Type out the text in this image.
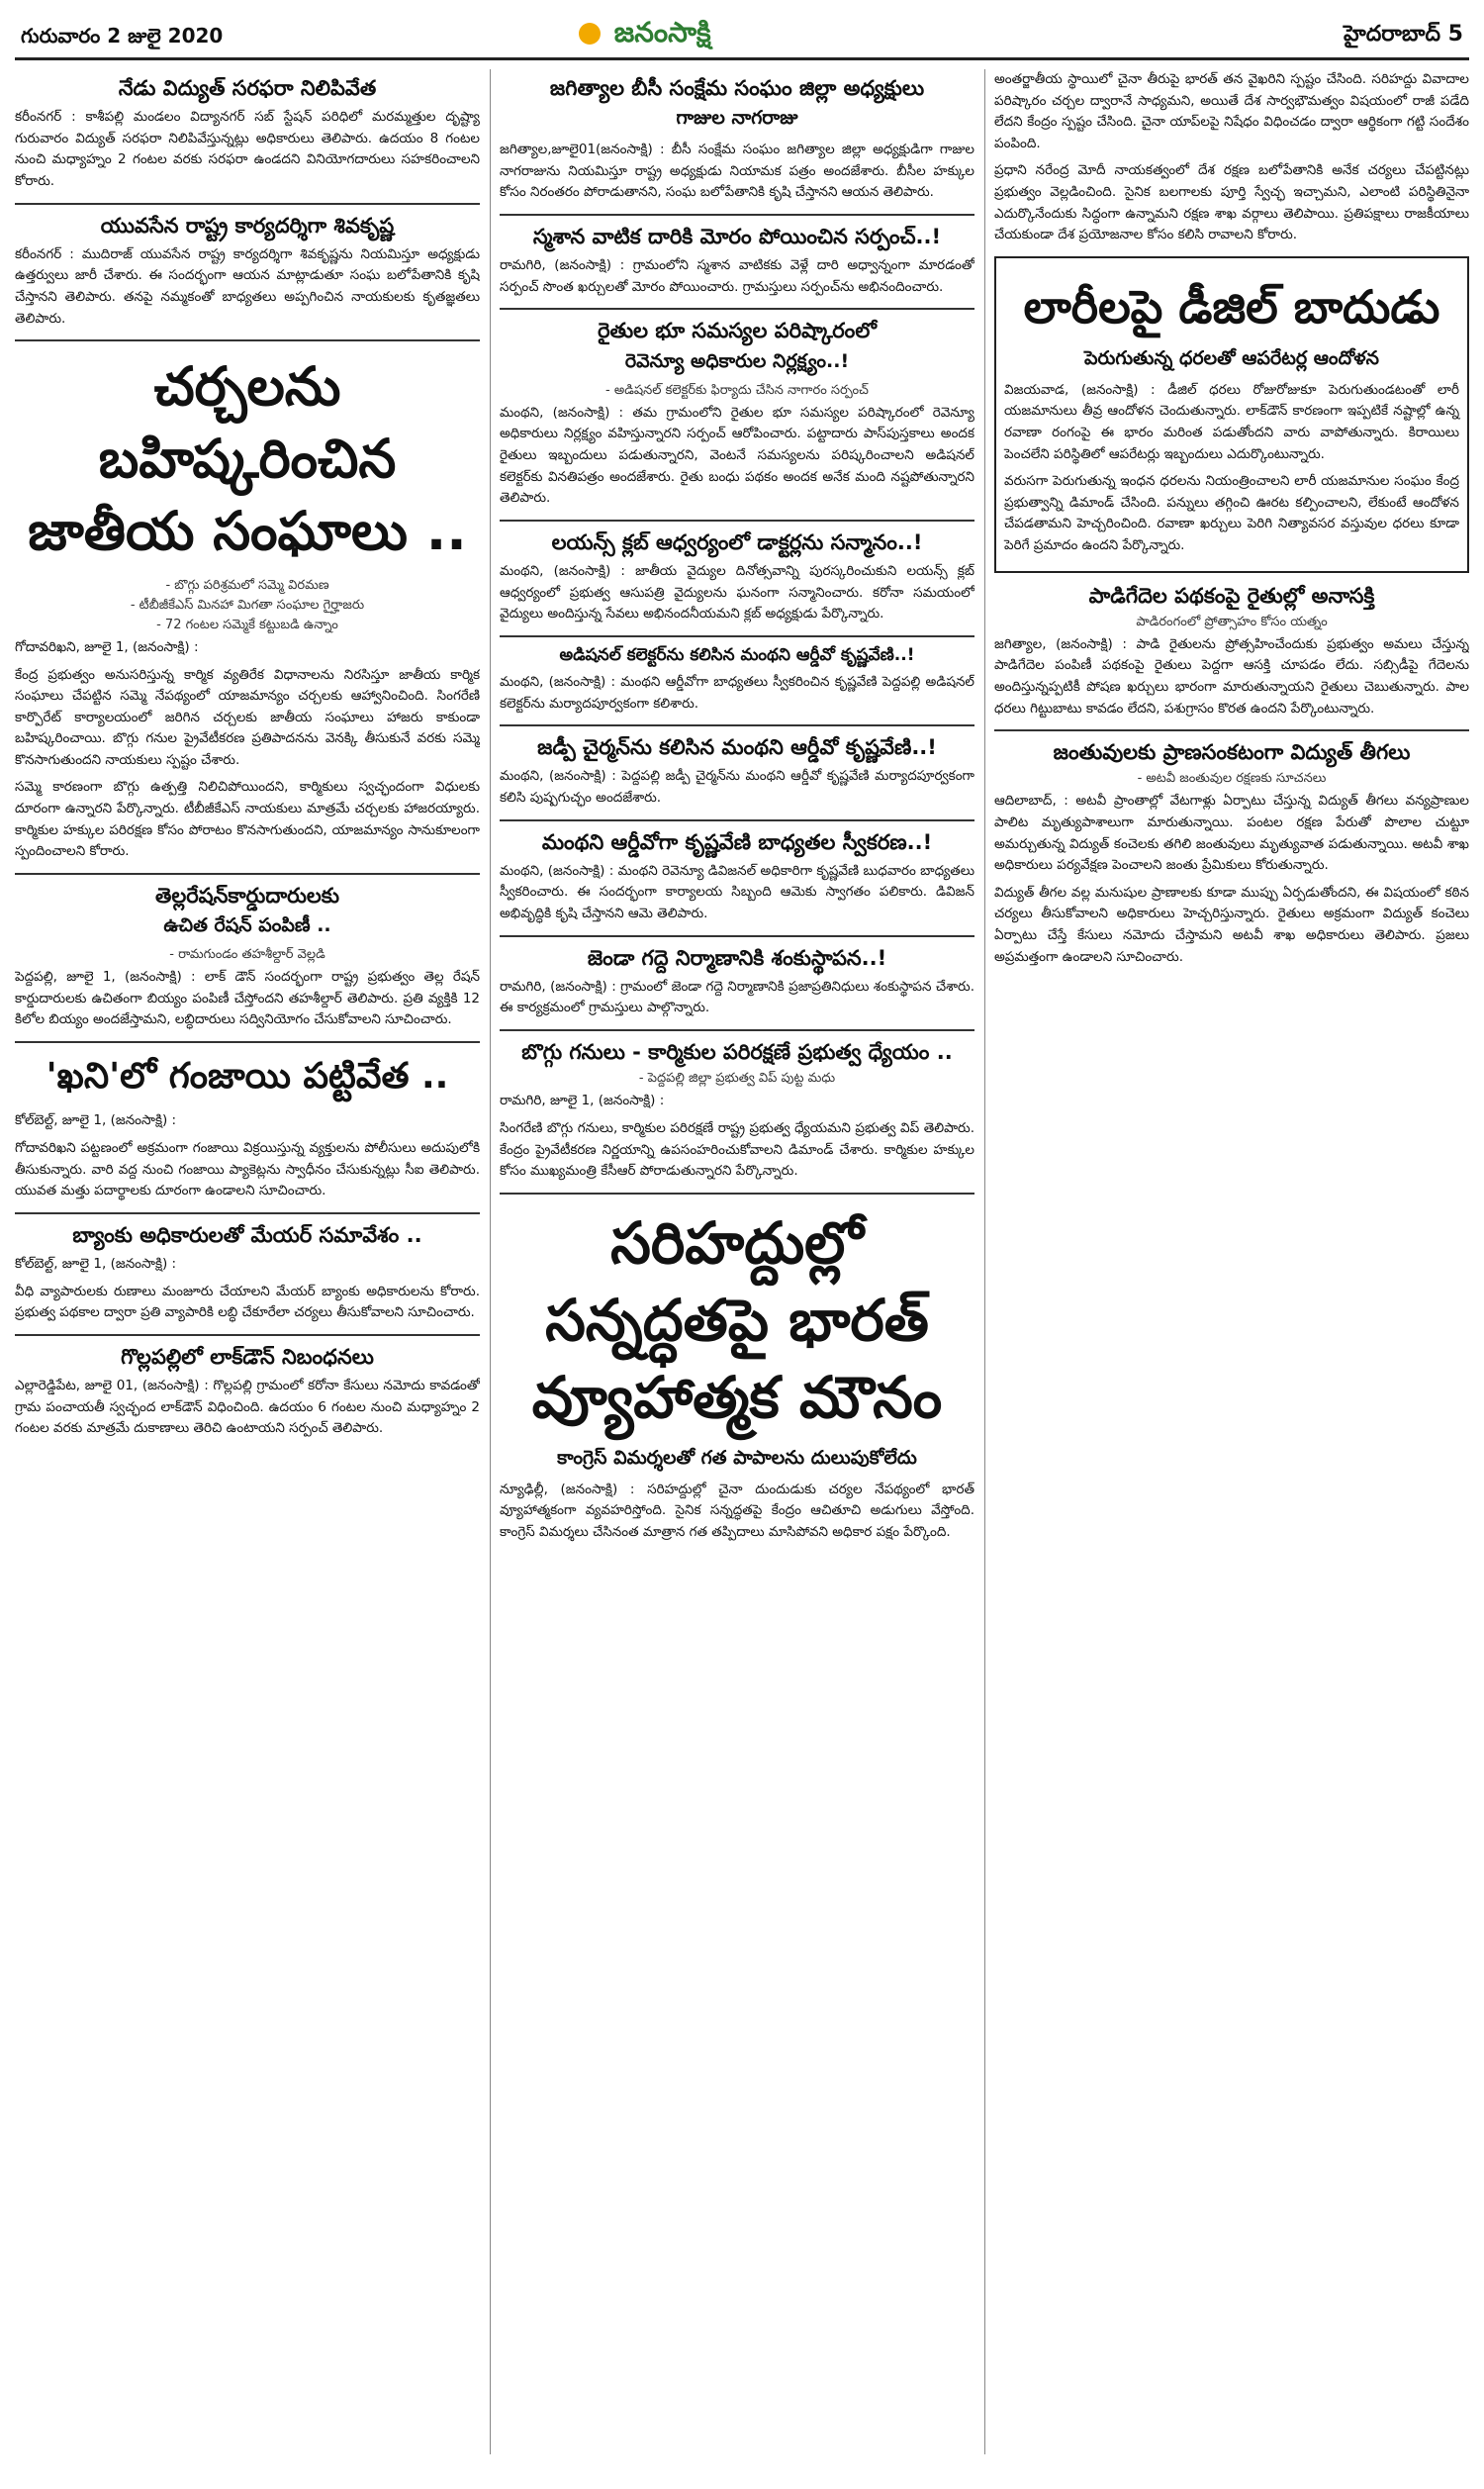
గురువారం 2 జులై 2020	జనంసాక్షి	హైదరాబాద్ 5
నేడు విద్యుత్ సరఫరా నిలిపివేత

కరీంనగర్ : కాశీపల్లి మండలం విద్యానగర్ సబ్‌ స్టేషన్ పరిధిలో మరమ్మత్తుల దృష్ట్యా గురువారం విద్యుత్ సరఫరా నిలిపివేస్తున్నట్లు అధికారులు తెలిపారు. ఉదయం 8 గంటల నుంచి మధ్యాహ్నం 2 గంటల వరకు సరఫరా ఉండదని వినియోగదారులు సహకరించాలని కోరారు.

యువసేన రాష్ట్ర కార్యదర్శిగా శివకృష్ణ

కరీంనగర్ : ముదిరాజ్ యువసేన రాష్ట్ర కార్యదర్శిగా శివకృష్ణను నియమిస్తూ అధ్యక్షుడు ఉత్తర్వులు జారీ చేశారు. ఈ సందర్భంగా ఆయన మాట్లాడుతూ సంఘ బలోపేతానికి కృషి చేస్తానని తెలిపారు. తనపై నమ్మకంతో బాధ్యతలు అప్పగించిన నాయకులకు కృతజ్ఞతలు తెలిపారు.

చర్చలను బహిష్కరించిన జాతీయ సంఘాలు ..
- బొగ్గు పరిశ్రమలో సమ్మె విరమణ
- టీబీజీకేఎస్ మినహా మిగతా సంఘాల గైర్హాజరు
- 72 గంటల సమ్మెకే కట్టుబడి ఉన్నాం

గోదావరిఖని, జూలై 1, (జనంసాక్షి) :

కేంద్ర ప్రభుత్వం అనుసరిస్తున్న కార్మిక వ్యతిరేక విధానాలను నిరసిస్తూ జాతీయ కార్మిక సంఘాలు చేపట్టిన సమ్మె నేపథ్యంలో యాజమాన్యం చర్చలకు ఆహ్వానించింది. సింగరేణి కార్పొరేట్ కార్యాలయంలో జరిగిన చర్చలకు జాతీయ సంఘాలు హాజరు కాకుండా బహిష్కరించాయి. బొగ్గు గనుల ప్రైవేటీకరణ ప్రతిపాదనను వెనక్కి తీసుకునే వరకు సమ్మె కొనసాగుతుందని నాయకులు స్పష్టం చేశారు.

సమ్మె కారణంగా బొగ్గు ఉత్పత్తి నిలిచిపోయిందని, కార్మికులు స్వచ్ఛందంగా విధులకు దూరంగా ఉన్నారని పేర్కొన్నారు. టీబీజీకేఎస్ నాయకులు మాత్రమే చర్చలకు హాజరయ్యారు. కార్మికుల హక్కుల పరిరక్షణ కోసం పోరాటం కొనసాగుతుందని, యాజమాన్యం సానుకూలంగా స్పందించాలని కోరారు.

తెల్లరేషన్‌కార్డుదారులకు
ఉచిత రేషన్ పంపిణీ ..
- రామగుండం తహశీల్దార్ వెల్లడి

పెద్దపల్లి, జూలై 1, (జనంసాక్షి) : లాక్ డౌన్ సందర్భంగా రాష్ట్ర ప్రభుత్వం తెల్ల రేషన్ కార్డుదారులకు ఉచితంగా బియ్యం పంపిణీ చేస్తోందని తహశీల్దార్ తెలిపారు. ప్రతి వ్యక్తికి 12 కిలోల బియ్యం అందజేస్తామని, లబ్ధిదారులు సద్వినియోగం చేసుకోవాలని సూచించారు.

'ఖని'లో గంజాయి పట్టివేత ..

కోల్‌బెల్ట్, జూలై 1, (జనంసాక్షి) :

గోదావరిఖని పట్టణంలో అక్రమంగా గంజాయి విక్రయిస్తున్న వ్యక్తులను పోలీసులు అదుపులోకి తీసుకున్నారు. వారి వద్ద నుంచి గంజాయి ప్యాకెట్లను స్వాధీనం చేసుకున్నట్లు సీఐ తెలిపారు. యువత మత్తు పదార్థాలకు దూరంగా ఉండాలని సూచించారు.

బ్యాంకు అధికారులతో మేయర్ సమావేశం ..

కోల్‌బెల్ట్, జూలై 1, (జనంసాక్షి) :

వీధి వ్యాపారులకు రుణాలు మంజూరు చేయాలని మేయర్ బ్యాంకు అధికారులను కోరారు. ప్రభుత్వ పథకాల ద్వారా ప్రతి వ్యాపారికి లబ్ధి చేకూరేలా చర్యలు తీసుకోవాలని సూచించారు.

గొల్లపల్లిలో లాక్‌డౌన్ నిబంధనలు

ఎల్లారెడ్డిపేట, జూలై 01, (జనంసాక్షి) : గొల్లపల్లి గ్రామంలో కరోనా కేసులు నమోదు కావడంతో గ్రామ పంచాయతీ స్వచ్ఛంద లాక్‌డౌన్ విధించింది. ఉదయం 6 గంటల నుంచి మధ్యాహ్నం 2 గంటల వరకు మాత్రమే దుకాణాలు తెరిచి ఉంటాయని సర్పంచ్ తెలిపారు.

జగిత్యాల బీసీ సంక్షేమ సంఘం జిల్లా అధ్యక్షులు
గాజుల నాగరాజు

జగిత్యాల,జూలై01(జనంసాక్షి) : బీసీ సంక్షేమ సంఘం జగిత్యాల జిల్లా అధ్యక్షుడిగా గాజుల నాగరాజును నియమిస్తూ రాష్ట్ర అధ్యక్షుడు నియామక పత్రం అందజేశారు. బీసీల హక్కుల కోసం నిరంతరం పోరాడుతానని, సంఘ బలోపేతానికి కృషి చేస్తానని ఆయన తెలిపారు.

స్మశాన వాటిక దారికి మోరం పోయించిన సర్పంచ్..!

రామగిరి, (జనంసాక్షి) : గ్రామంలోని స్మశాన వాటికకు వెళ్లే దారి అధ్వాన్నంగా మారడంతో సర్పంచ్ సొంత ఖర్చులతో మోరం పోయించారు. గ్రామస్తులు సర్పంచ్‌ను అభినందించారు.

రైతుల భూ సమస్యల పరిష్కారంలో
రెవెన్యూ అధికారుల నిర్లక్ష్యం..!
- అడిషనల్ కలెక్టర్‌కు ఫిర్యాదు చేసిన నాగారం సర్పంచ్

మంథని, (జనంసాక్షి) : తమ గ్రామంలోని రైతుల భూ సమస్యల పరిష్కారంలో రెవెన్యూ అధికారులు నిర్లక్ష్యం వహిస్తున్నారని సర్పంచ్ ఆరోపించారు. పట్టాదారు పాస్‌పుస్తకాలు అందక రైతులు ఇబ్బందులు పడుతున్నారని, వెంటనే సమస్యలను పరిష్కరించాలని అడిషనల్ కలెక్టర్‌కు వినతిపత్రం అందజేశారు. రైతు బంధు పథకం అందక అనేక మంది నష్టపోతున్నారని తెలిపారు.

లయన్స్ క్లబ్ ఆధ్వర్యంలో డాక్టర్లను సన్మానం..!

మంథని, (జనంసాక్షి) : జాతీయ వైద్యుల దినోత్సవాన్ని పురస్కరించుకుని లయన్స్ క్లబ్ ఆధ్వర్యంలో ప్రభుత్వ ఆసుపత్రి వైద్యులను ఘనంగా సన్మానించారు. కరోనా సమయంలో వైద్యులు అందిస్తున్న సేవలు అభినందనీయమని క్లబ్ అధ్యక్షుడు పేర్కొన్నారు.

అడిషనల్ కలెక్టర్‌ను కలిసిన మంథని ఆర్డీవో కృష్ణవేణి..!

మంథని, (జనంసాక్షి) : మంథని ఆర్డీవోగా బాధ్యతలు స్వీకరించిన కృష్ణవేణి పెద్దపల్లి అడిషనల్ కలెక్టర్‌ను మర్యాదపూర్వకంగా కలిశారు.

జడ్పీ చైర్మన్‌ను కలిసిన మంథని ఆర్డీవో కృష్ణవేణి..!

మంథని, (జనంసాక్షి) : పెద్దపల్లి జడ్పీ చైర్మన్‌ను మంథని ఆర్డీవో కృష్ణవేణి మర్యాదపూర్వకంగా కలిసి పుష్పగుచ్ఛం అందజేశారు.

మంథని ఆర్డీవోగా కృష్ణవేణి బాధ్యతల స్వీకరణ..!

మంథని, (జనంసాక్షి) : మంథని రెవెన్యూ డివిజనల్ అధికారిగా కృష్ణవేణి బుధవారం బాధ్యతలు స్వీకరించారు. ఈ సందర్భంగా కార్యాలయ సిబ్బంది ఆమెకు స్వాగతం పలికారు. డివిజన్ అభివృద్ధికి కృషి చేస్తానని ఆమె తెలిపారు.

జెండా గద్దె నిర్మాణానికి శంకుస్థాపన..!

రామగిరి, (జనంసాక్షి) : గ్రామంలో జెండా గద్దె నిర్మాణానికి ప్రజాప్రతినిధులు శంకుస్థాపన చేశారు. ఈ కార్యక్రమంలో గ్రామస్తులు పాల్గొన్నారు.

బొగ్గు గనులు - కార్మికుల పరిరక్షణే ప్రభుత్వ ధ్యేయం ..
- పెద్దపల్లి జిల్లా ప్రభుత్వ విప్ పుట్ట మధు

రామగిరి, జూలై 1, (జనంసాక్షి) :

సింగరేణి బొగ్గు గనులు, కార్మికుల పరిరక్షణే రాష్ట్ర ప్రభుత్వ ధ్యేయమని ప్రభుత్వ విప్ తెలిపారు. కేంద్రం ప్రైవేటీకరణ నిర్ణయాన్ని ఉపసంహరించుకోవాలని డిమాండ్ చేశారు. కార్మికుల హక్కుల కోసం ముఖ్యమంత్రి కేసీఆర్ పోరాడుతున్నారని పేర్కొన్నారు.

సరిహద్దుల్లో సన్నద్ధతపై భారత్ వ్యూహాత్మక మౌనం
కాంగ్రెస్ విమర్శలతో గత పాపాలను దులుపుకోలేదు

న్యూఢిల్లీ, (జనంసాక్షి) : సరిహద్దుల్లో చైనా దుందుడుకు చర్యల నేపథ్యంలో భారత్ వ్యూహాత్మకంగా వ్యవహరిస్తోంది. సైనిక సన్నద్ధతపై కేంద్రం ఆచితూచి అడుగులు వేస్తోంది. కాంగ్రెస్ విమర్శలు చేసినంత మాత్రాన గత తప్పిదాలు మాసిపోవని అధికార పక్షం పేర్కొంది.

అంతర్జాతీయ స్థాయిలో చైనా తీరుపై భారత్ తన వైఖరిని స్పష్టం చేసింది. సరిహద్దు వివాదాల పరిష్కారం చర్చల ద్వారానే సాధ్యమని, అయితే దేశ సార్వభౌమత్వం విషయంలో రాజీ పడేది లేదని కేంద్రం స్పష్టం చేసింది. చైనా యాప్‌లపై నిషేధం విధించడం ద్వారా ఆర్థికంగా గట్టి సందేశం పంపింది.

ప్రధాని నరేంద్ర మోదీ నాయకత్వంలో దేశ రక్షణ బలోపేతానికి అనేక చర్యలు చేపట్టినట్లు ప్రభుత్వం వెల్లడించింది. సైనిక బలగాలకు పూర్తి స్వేచ్ఛ ఇచ్చామని, ఎలాంటి పరిస్థితినైనా ఎదుర్కొనేందుకు సిద్ధంగా ఉన్నామని రక్షణ శాఖ వర్గాలు తెలిపాయి. ప్రతిపక్షాలు రాజకీయాలు చేయకుండా దేశ ప్రయోజనాల కోసం కలిసి రావాలని కోరారు.

లారీలపై డీజిల్ బాదుడు
పెరుగుతున్న ధరలతో ఆపరేటర్ల ఆందోళన

విజయవాడ, (జనంసాక్షి) : డీజిల్ ధరలు రోజురోజుకూ పెరుగుతుండటంతో లారీ యజమానులు తీవ్ర ఆందోళన చెందుతున్నారు. లాక్‌డౌన్ కారణంగా ఇప్పటికే నష్టాల్లో ఉన్న రవాణా రంగంపై ఈ భారం మరింత పడుతోందని వారు వాపోతున్నారు. కిరాయిలు పెంచలేని పరిస్థితిలో ఆపరేటర్లు ఇబ్బందులు ఎదుర్కొంటున్నారు.

వరుసగా పెరుగుతున్న ఇంధన ధరలను నియంత్రించాలని లారీ యజమానుల సంఘం కేంద్ర ప్రభుత్వాన్ని డిమాండ్ చేసింది. పన్నులు తగ్గించి ఊరట కల్పించాలని, లేకుంటే ఆందోళన చేపడతామని హెచ్చరించింది. రవాణా ఖర్చులు పెరిగి నిత్యావసర వస్తువుల ధరలు కూడా పెరిగే ప్రమాదం ఉందని పేర్కొన్నారు.

పాడిగేదెల పథకంపై రైతుల్లో అనాసక్తి
పాడిరంగంలో ప్రోత్సాహం కోసం యత్నం

జగిత్యాల, (జనంసాక్షి) : పాడి రైతులను ప్రోత్సహించేందుకు ప్రభుత్వం అమలు చేస్తున్న పాడిగేదెల పంపిణీ పథకంపై రైతులు పెద్దగా ఆసక్తి చూపడం లేదు. సబ్సిడీపై గేదెలను అందిస్తున్నప్పటికీ పోషణ ఖర్చులు భారంగా మారుతున్నాయని రైతులు చెబుతున్నారు. పాల ధరలు గిట్టుబాటు కావడం లేదని, పశుగ్రాసం కొరత ఉందని పేర్కొంటున్నారు.

జంతువులకు ప్రాణసంకటంగా విద్యుత్ తీగలు
- అటవీ జంతువుల రక్షణకు సూచనలు

ఆదిలాబాద్, : అటవీ ప్రాంతాల్లో వేటగాళ్లు ఏర్పాటు చేస్తున్న విద్యుత్ తీగలు వన్యప్రాణుల పాలిట మృత్యుపాశాలుగా మారుతున్నాయి. పంటల రక్షణ పేరుతో పొలాల చుట్టూ అమర్చుతున్న విద్యుత్ కంచెలకు తగిలి జంతువులు మృత్యువాత పడుతున్నాయి. అటవీ శాఖ అధికారులు పర్యవేక్షణ పెంచాలని జంతు ప్రేమికులు కోరుతున్నారు.

విద్యుత్ తీగల వల్ల మనుషుల ప్రాణాలకు కూడా ముప్పు ఏర్పడుతోందని, ఈ విషయంలో కఠిన చర్యలు తీసుకోవాలని అధికారులు హెచ్చరిస్తున్నారు. రైతులు అక్రమంగా విద్యుత్ కంచెలు ఏర్పాటు చేస్తే కేసులు నమోదు చేస్తామని అటవీ శాఖ అధికారులు తెలిపారు. ప్రజలు అప్రమత్తంగా ఉండాలని సూచించారు.
